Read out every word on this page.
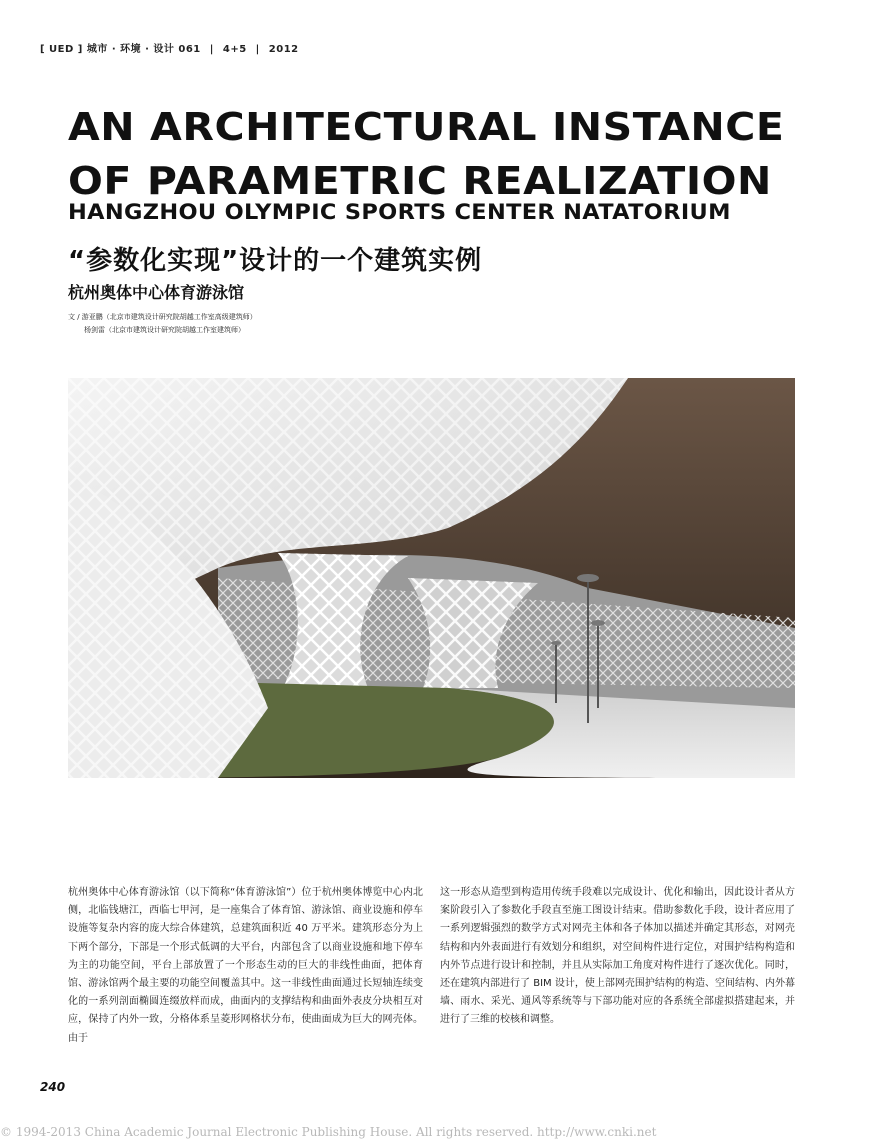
[ UED ] 城市 · 环境 · 设计 061 | 4+5 | 2012
AN ARCHITECTURAL INSTANCE
OF PARAMETRIC REALIZATION
HANGZHOU OLYMPIC SPORTS CENTER NATATORIUM
“参数化实现”设计的一个建筑实例
杭州奥体中心体育游泳馆
文 / 游亚鹏（北京市建筑设计研究院胡越工作室高级建筑师）
杨剑雷（北京市建筑设计研究院胡越工作室建筑师）

杭州奥体中心体育游泳馆（以下简称“体育游泳馆”）位于杭州奥体博览中心内北侧，北临钱塘江，西临七甲河，是一座集合了体育馆、游泳馆、商业设施和停车设施等复杂内容的庞大综合体建筑，总建筑面积近 40 万平米。建筑形态分为上下两个部分，下部是一个形式低调的大平台，内部包含了以商业设施和地下停车为主的功能空间，平台上部放置了一个形态生动的巨大的非线性曲面，把体育馆、游泳馆两个最主要的功能空间覆盖其中。这一非线性曲面通过长短轴连续变化的一系列剖面椭圆连缀放样而成，曲面内的支撑结构和曲面外表皮分块相互对应，保持了内外一致，分格体系呈菱形网格状分布，使曲面成为巨大的网壳体。由于

这一形态从造型到构造用传统手段难以完成设计、优化和输出，因此设计者从方案阶段引入了参数化手段直至施工图设计结束。借助参数化手段，设计者应用了一系列逻辑强烈的数学方式对网壳主体和各子体加以描述并确定其形态，对网壳结构和内外表面进行有效划分和组织，对空间构件进行定位，对围护结构构造和内外节点进行设计和控制，并且从实际加工角度对构件进行了逐次优化。同时，还在建筑内部进行了 BIM 设计，使上部网壳围护结构的构造、空间结构、内外幕墙、雨水、采光、通风等系统等与下部功能对应的各系统全部虚拟搭建起来，并进行了三维的校核和调整。

240
© 1994-2013 China Academic Journal Electronic Publishing House. All rights reserved. http://www.cnki.net
